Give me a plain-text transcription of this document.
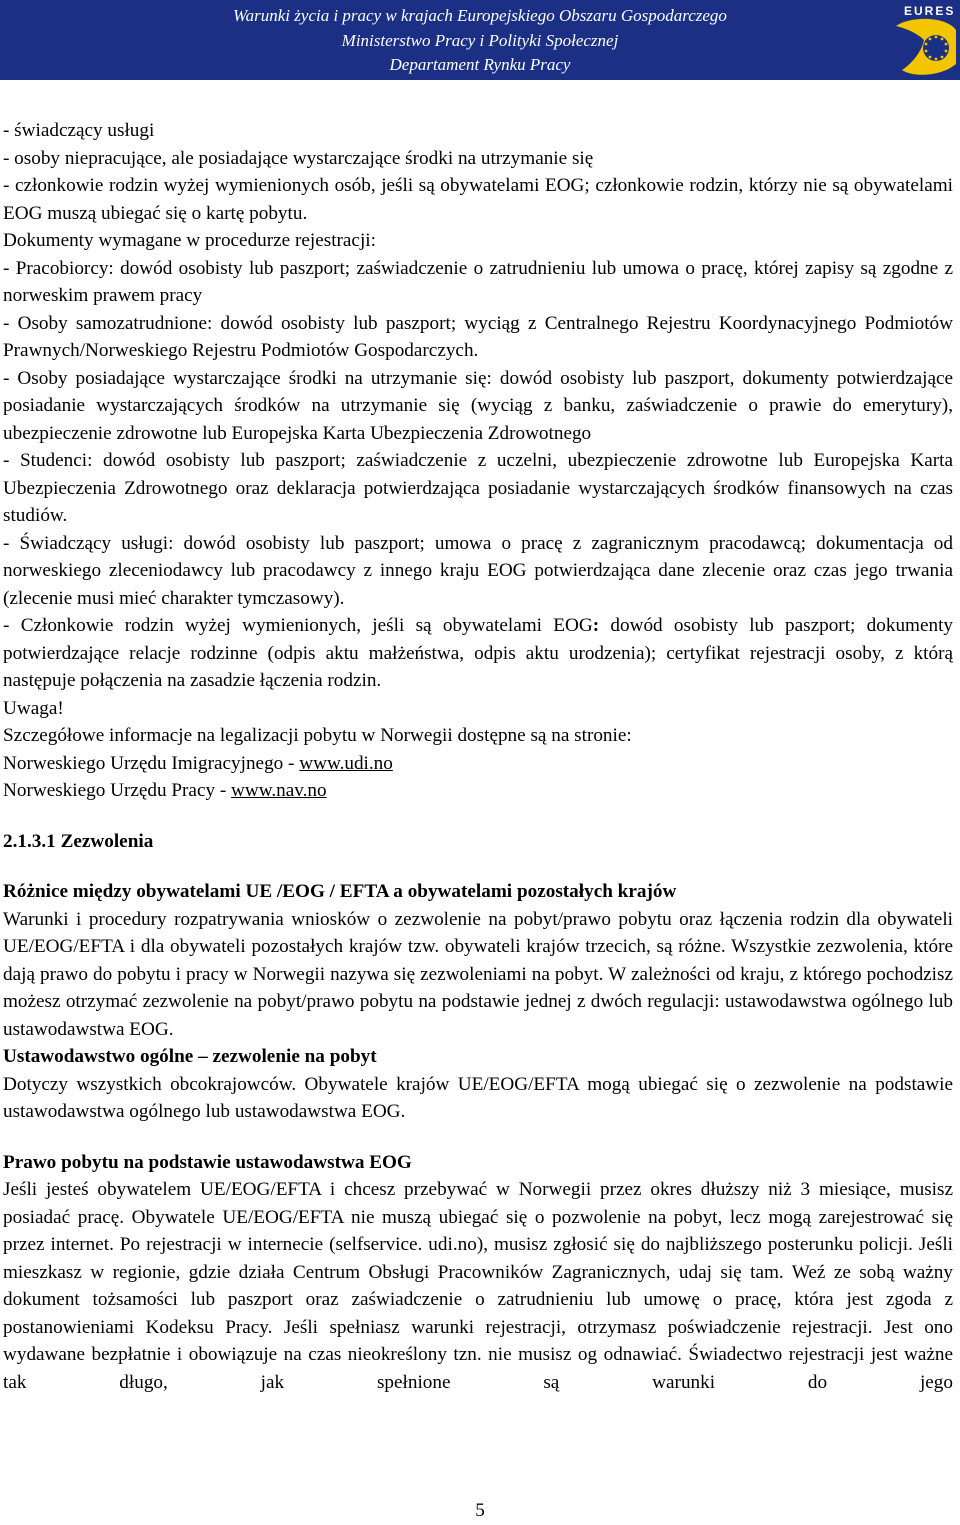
Warunki życia i pracy w krajach Europejskiego Obszaru Gospodarczego
Ministerstwo Pracy i Polityki Społecznej
Departament Rynku Pracy
EURES

- świadczący usługi

- osoby niepracujące, ale posiadające wystarczające środki na utrzymanie się

- członkowie rodzin wyżej wymienionych osób, jeśli są obywatelami EOG; członkowie rodzin, którzy nie są obywatelami EOG muszą ubiegać się o kartę pobytu.

Dokumenty wymagane w procedurze rejestracji:

- Pracobiorcy: dowód osobisty lub paszport; zaświadczenie o zatrudnieniu lub umowa o pracę, której zapisy są zgodne z norweskim prawem pracy

- Osoby samozatrudnione: dowód osobisty lub paszport; wyciąg z Centralnego Rejestru Koordynacyjnego Podmiotów Prawnych/Norweskiego Rejestru Podmiotów Gospodarczych.

- Osoby posiadające wystarczające środki na utrzymanie się: dowód osobisty lub paszport, dokumenty potwierdzające posiadanie wystarczających środków na utrzymanie się (wyciąg z banku, zaświadczenie o prawie do emerytury), ubezpieczenie zdrowotne lub Europejska Karta Ubezpieczenia Zdrowotnego

- Studenci: dowód osobisty lub paszport; zaświadczenie z uczelni, ubezpieczenie zdrowotne lub Europejska Karta Ubezpieczenia Zdrowotnego oraz deklaracja potwierdzająca posiadanie wystarczających środków finansowych na czas studiów.

- Świadczący usługi: dowód osobisty lub paszport; umowa o pracę z zagranicznym pracodawcą; dokumentacja od norweskiego zleceniodawcy lub pracodawcy z innego kraju EOG potwierdzająca dane zlecenie oraz czas jego trwania (zlecenie musi mieć charakter tymczasowy).

- Członkowie rodzin wyżej wymienionych, jeśli są obywatelami EOG: dowód osobisty lub paszport; dokumenty potwierdzające relacje rodzinne (odpis aktu małżeństwa, odpis aktu urodzenia); certyfikat rejestracji osoby, z którą następuje połączenia na zasadzie łączenia rodzin.

Uwaga!

Szczegółowe informacje na legalizacji pobytu w Norwegii dostępne są na stronie:

Norweskiego Urzędu Imigracyjnego - www.udi.no

Norweskiego Urzędu Pracy - www.nav.no

2.1.3.1 Zezwolenia

Różnice między obywatelami UE /EOG / EFTA a obywatelami pozostałych krajów

Warunki i procedury rozpatrywania wniosków o zezwolenie na pobyt/prawo pobytu oraz łączenia rodzin dla obywateli UE/EOG/EFTA i dla obywateli pozostałych krajów tzw. obywateli krajów trzecich, są różne. Wszystkie zezwolenia, które dają prawo do pobytu i pracy w Norwegii nazywa się zezwoleniami na pobyt. W zależności od kraju, z którego pochodzisz możesz otrzymać zezwolenie na pobyt/prawo pobytu na podstawie jednej z dwóch regulacji: ustawodawstwa ogólnego lub ustawodawstwa EOG.

Ustawodawstwo ogólne – zezwolenie na pobyt

Dotyczy wszystkich obcokrajowców. Obywatele krajów UE/EOG/EFTA mogą ubiegać się o zezwolenie na podstawie ustawodawstwa ogólnego lub ustawodawstwa EOG.

Prawo pobytu na podstawie ustawodawstwa EOG

Jeśli jesteś obywatelem UE/EOG/EFTA i chcesz przebywać w Norwegii przez okres dłuższy niż 3 miesiące, musisz posiadać pracę. Obywatele UE/EOG/EFTA nie muszą ubiegać się o pozwolenie na pobyt, lecz mogą zarejestrować się przez internet. Po rejestracji w internecie (selfservice. udi.no), musisz zgłosić się do najbliższego posterunku policji. Jeśli mieszkasz w regionie, gdzie działa Centrum Obsługi Pracowników Zagranicznych, udaj się tam. Weź ze sobą ważny dokument tożsamości lub paszport oraz zaświadczenie o zatrudnieniu lub umowę o pracę, która jest zgoda z postanowieniami Kodeksu Pracy. Jeśli spełniasz warunki rejestracji, otrzymasz poświadczenie rejestracji. Jest ono wydawane bezpłatnie i obowiązuje na czas nieokreślony tzn. nie musisz og odnawiać. Świadectwo rejestracji jest ważne tak długo, jak spełnione są warunki do jego

5
